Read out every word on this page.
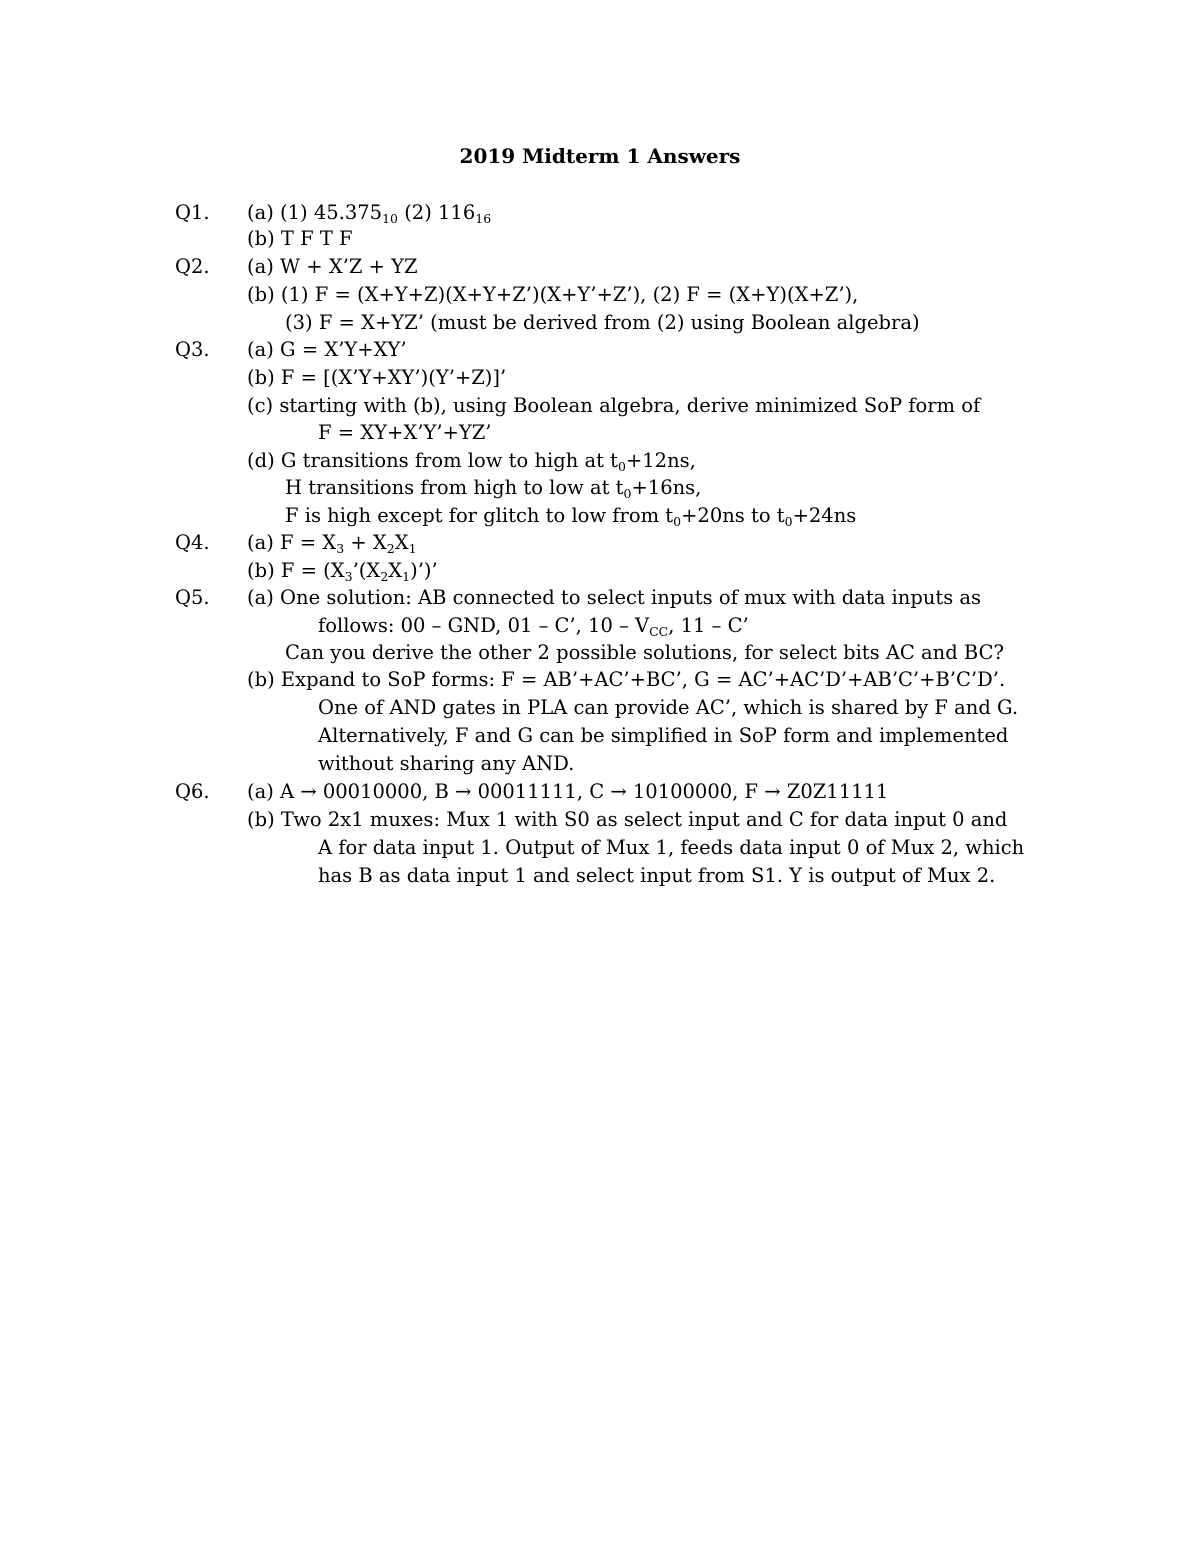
2019 Midterm 1 Answers
Q1. (a) (1) $45.375_{10}$ (2) $116_{16}$
(b) T F T F
Q2. (a) W + X’Z + YZ
(b) (1) F = (X+Y+Z)(X+Y+Z’)(X+Y’+Z’), (2) F = (X+Y)(X+Z’),
(3) F = X+YZ’ (must be derived from (2) using Boolean algebra)
Q3. (a) G = X’Y+XY’
(b) F = [(X’Y+XY’)(Y’+Z)]’
(c) starting with (b), using Boolean algebra, derive minimized SoP form of
F = XY+X’Y’+YZ’
(d) G transitions from low to high at $t_0+12ns$,
H transitions from high to low at $t_0+16ns$,
F is high except for glitch to low from $t_0+20ns$ to $t_0+24ns$
Q4. (a) $F = X_3 + X_2X_1$
(b) $F = (X_3’(X_2X_1)’)$’
Q5. (a) One solution: AB connected to select inputs of mux with data inputs as
follows: 00 – GND, 01 – C’, $10 - V_{CC}$, 11 – C’
Can you derive the other 2 possible solutions, for select bits AC and BC?
(b) Expand to SoP forms: F = AB’+AC’+BC’, G = AC’+AC’D’+AB’C’+B’C’D’.
One of AND gates in PLA can provide AC’, which is shared by F and G.
Alternatively, F and G can be simplified in SoP form and implemented
without sharing any AND.
Q6. (a) A → 00010000, B → 00011111, C → 10100000, F → Z0Z11111
(b) Two 2x1 muxes: Mux 1 with S0 as select input and C for data input 0 and
A for data input 1. Output of Mux 1, feeds data input 0 of Mux 2, which
has B as data input 1 and select input from S1. Y is output of Mux 2.
